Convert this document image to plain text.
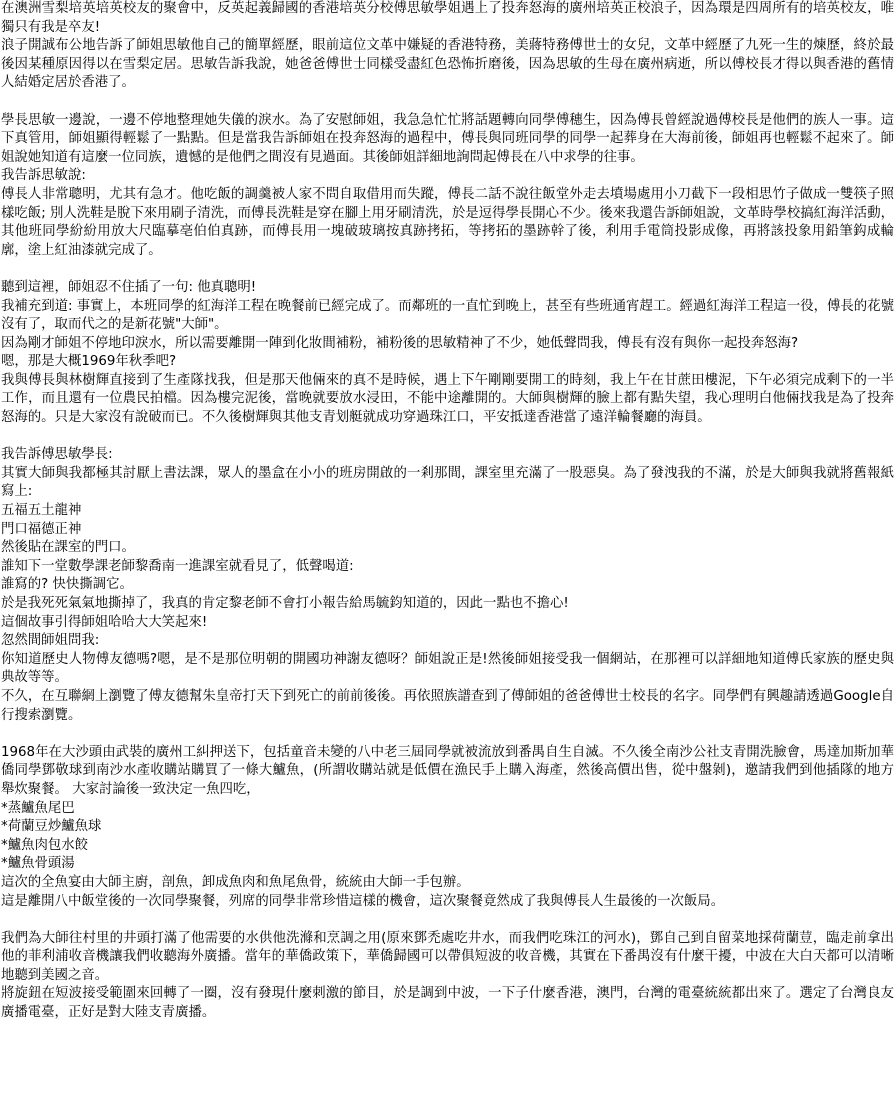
在澳洲雪梨培英培英校友的聚會中，反英起義歸國的香港培英分校傅思敏學姐遇上了投奔怒海的廣州培英正校浪子，因為環是四周所有的培英校友，唯獨只有我是卒友!

浪子開誠布公地告訴了師姐思敏他自己的簡單經歷，眼前這位文革中嫌疑的香港特務，美蔣特務傅世士的女兒，文革中經歷了九死一生的煉歷，終於最後因某種原因得以在雪梨定居。思敏告訴我說，她爸爸傅世士同樣受盡紅色恐怖折磨後，因為思敏的生母在廣州病逝，所以傅校長才得以與香港的舊情人結婚定居於香港了。

學長思敏一邊說，一邊不停地整理她失儀的淚水。為了安慰師姐，我急急忙忙將話題轉向同學傅穗生，因為傅長曾經說過傅校長是他們的族人一事。這下真管用，師姐顯得輕鬆了一點點。但是當我告訴師姐在投奔怒海的過程中，傅長與同班同學的同學一起葬身在大海前後，師姐再也輕鬆不起來了。師姐說她知道有這麼一位同族，遺憾的是他們之間沒有見過面。其後師姐詳細地詢問起傅長在八中求學的往事。

我告訴思敏說:

傅長人非常聰明，尤其有急才。他吃飯的調羹被人家不問自取借用而失蹤，傅長二話不說往飯堂外走去墳場處用小刀截下一段相思竹子做成一雙筷子照樣吃飯; 別人洗鞋是脫下來用刷子清洗，而傅長洗鞋是穿在腳上用牙刷清洗，於是逗得學長開心不少。後來我還告訴師姐說，文革時學校搞紅海洋活動，其他班同學紛紛用放大尺臨摹亳伯伯真跡，而傅長用一塊破玻璃按真跡拷拓，等拷拓的墨跡幹了後，利用手電筒投影成像，再將該投象用鉛筆鈎成輪廓，塗上紅油漆就完成了。

聽到這裡，師姐忍不住插了一句: 他真聰明!

我補充到道: 事實上，本班同學的紅海洋工程在晚餐前已經完成了。而鄰班的一直忙到晚上，甚至有些班通宵趕工。經過紅海洋工程這一役，傅長的花號沒有了，取而代之的是新花號"大師"。

因為剛才師姐不停地印淚水，所以需要離開一陣到化妝間補粉，補粉後的思敏精神了不少，她低聲問我，傅長有沒有與你一起投奔怒海?

嗯，那是大概1969年秋季吧?

我與傅長與林樹輝直接到了生產隊找我，但是那天他倆來的真不是時候，遇上下午剛剛要開工的時刻，我上午在甘蔗田樓泥，下午必須完成剩下的一半工作，而且還有一位農民拍檔。因為樓完泥後，當晚就要放水浸田，不能中途離開的。大師與樹輝的臉上都有點失望，我心理明白他倆找我是為了投奔怒海的。只是大家沒有說破而已。不久後樹輝與其他支青划艇就成功穿過珠江口，平安抵達香港當了遠洋輪餐廳的海員。

我告訴傅思敏學長:

其實大師與我都極其討厭上書法課，眾人的墨盒在小小的班房開啟的一剎那間，課室里充滿了一股惡臭。為了發洩我的不滿，於是大師與我就將舊報紙寫上:

五福五土龍神

門口福德正神

然後貼在課室的門口。

誰知下一堂數學課老師黎喬南一進課室就看見了，低聲喝道:

誰寫的? 快快撕調它。

於是我死死氣氣地撕掉了，我真的肯定黎老師不會打小報告給馬毓鈞知道的，因此一點也不擔心!

這個故事引得師姐哈哈大大笑起來!

忽然間師姐問我:

你知道歷史人物傅友德嗎?嗯，是不是那位明朝的開國功神謝友德呀？師姐說正是!然後師姐接受我一個網站，在那裡可以詳細地知道傅氏家族的歷史與典故等等。

不久，在互聯網上瀏覽了傅友德幫朱皇帝打天下到死亡的前前後後。再依照族譜查到了傅師姐的爸爸傅世士校長的名字。同學們有興趣請透過Google自行搜索瀏覽。

1968年在大沙頭由武裝的廣州工糾押送下，包括童音未變的八中老三屆同學就被流放到番禺自生自滅。不久後全南沙公社支青開洗臉會，馬達加斯加華僑同學鄧敬球到南沙水產收購站購買了一條大鱸魚，(所謂收購站就是低價在漁民手上購入海產，然後高價出售，從中盤剝)，邀請我們到他插隊的地方舉炊聚餐。 大家討論後一致決定一魚四吃，

*蒸鱸魚尾巴

*荷蘭豆炒鱸魚球

*鱸魚肉包水餃

*鱸魚骨頭湯

這次的全魚宴由大師主廚，剖魚，卸成魚肉和魚尾魚骨，統統由大師一手包辦。

這是離開八中飯堂後的一次同學聚餐，列席的同學非常珍惜這樣的機會，這次聚餐竟然成了我與傅長人生最後的一次飯局。

我們為大師往村里的井頭打滿了他需要的水供他洗滌和烹調之用(原來鄧禿處吃井水，而我們吃珠江的河水)，鄧自己到自留菜地採荷蘭荳，臨走前拿出他的菲利浦收音機讓我們收聽海外廣播。當年的華僑政策下，華僑歸國可以帶俱短波的收音機，其實在下番禺沒有什麼干擾，中波在大白天都可以清晰地聽到美國之音。

將旋鈕在短波接受範圍來回轉了一圈，沒有發現什麼刺激的節目，於是調到中波，一下子什麼香港，澳門，台灣的電臺統統都出來了。選定了台灣良友廣播電臺，正好是對大陸支青廣播。
